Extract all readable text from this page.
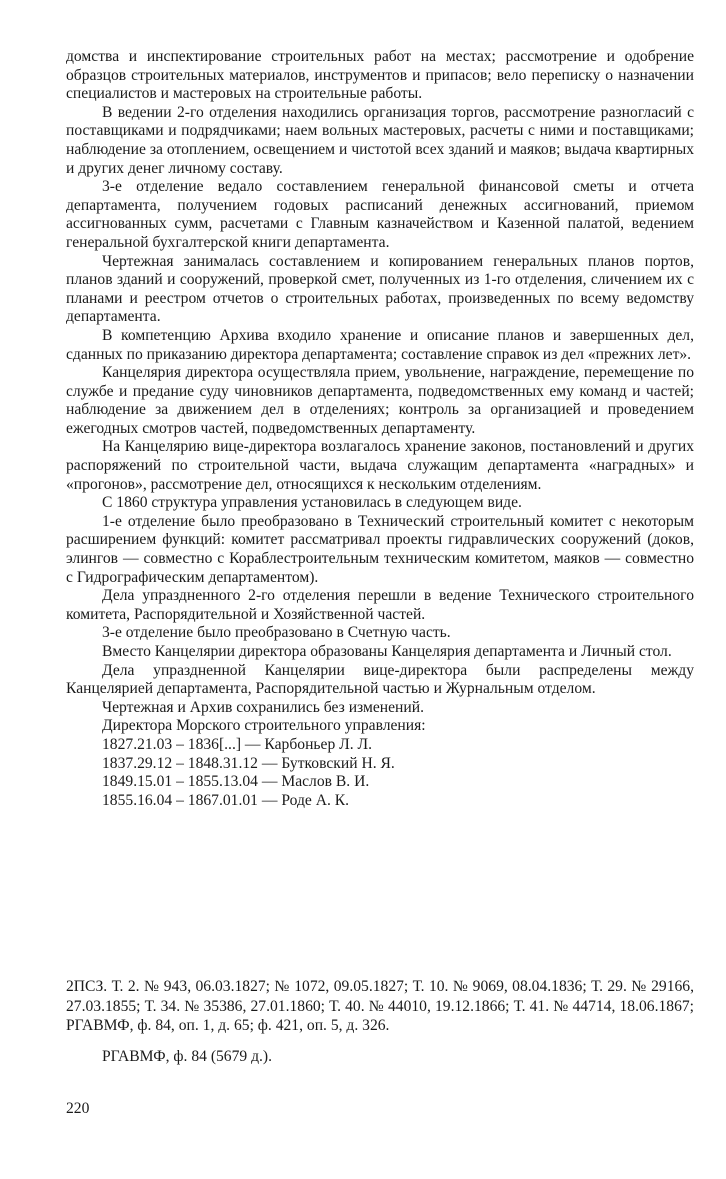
домства и инспектирование строительных работ на местах; рассмотрение и одобрение образцов строительных материалов, инструментов и припасов; вело переписку о назначении специалистов и мастеровых на строительные работы.

В ведении 2-го отделения находились организация торгов, рассмотрение разногласий с поставщиками и подрядчиками; наем вольных мастеровых, расчеты с ними и поставщиками; наблюдение за отоплением, освещением и чистотой всех зданий и маяков; выдача квартирных и других денег личному составу.

3-е отделение ведало составлением генеральной финансовой сметы и отчета департамента, получением годовых расписаний денежных ассигнований, приемом ассигнованных сумм, расчетами с Главным казначейством и Казенной палатой, ведением генеральной бухгалтерской книги департамента.

Чертежная занималась составлением и копированием генеральных планов портов, планов зданий и сооружений, проверкой смет, полученных из 1-го отделения, сличением их с планами и реестром отчетов о строительных работах, произведенных по всему ведомству департамента.

В компетенцию Архива входило хранение и описание планов и завершенных дел, сданных по приказанию директора департамента; составление справок из дел «прежних лет».

Канцелярия директора осуществляла прием, увольнение, награждение, перемещение по службе и предание суду чиновников департамента, подведомственных ему команд и частей; наблюдение за движением дел в отделениях; контроль за организацией и проведением ежегодных смотров частей, подведомственных департаменту.

На Канцелярию вице-директора возлагалось хранение законов, постановлений и других распоряжений по строительной части, выдача служащим департамента «наградных» и «прогонов», рассмотрение дел, относящихся к нескольким отделениям.

С 1860 структура управления установилась в следующем виде.

1-е отделение было преобразовано в Технический строительный комитет с некоторым расширением функций: комитет рассматривал проекты гидравлических сооружений (доков, элингов — совместно с Кораблестроительным техническим комитетом, маяков — совместно с Гидрографическим департаментом).

Дела упраздненного 2-го отделения перешли в ведение Технического строительного комитета, Распорядительной и Хозяйственной частей.

3-е отделение было преобразовано в Счетную часть.

Вместо Канцелярии директора образованы Канцелярия департамента и Личный стол.

Дела упраздненной Канцелярии вице-директора были распределены между Канцелярией департамента, Распорядительной частью и Журнальным отделом.

Чертежная и Архив сохранились без изменений.

Директора Морского строительного управления:

1827.21.03 – 1836[...] — Карбоньер Л. Л.
1837.29.12 – 1848.31.12 — Бутковский Н. Я.
1849.15.01 – 1855.13.04 — Маслов В. И.
1855.16.04 – 1867.01.01 — Роде А. К.

2ПСЗ. Т. 2. № 943, 06.03.1827; № 1072, 09.05.1827; Т. 10. № 9069, 08.04.1836; Т. 29. № 29166, 27.03.1855; Т. 34. № 35386, 27.01.1860; Т. 40. № 44010, 19.12.1866; Т. 41. № 44714, 18.06.1867; РГАВМФ, ф. 84, оп. 1, д. 65; ф. 421, оп. 5, д. 326.

РГАВМФ, ф. 84 (5679 д.).

220
